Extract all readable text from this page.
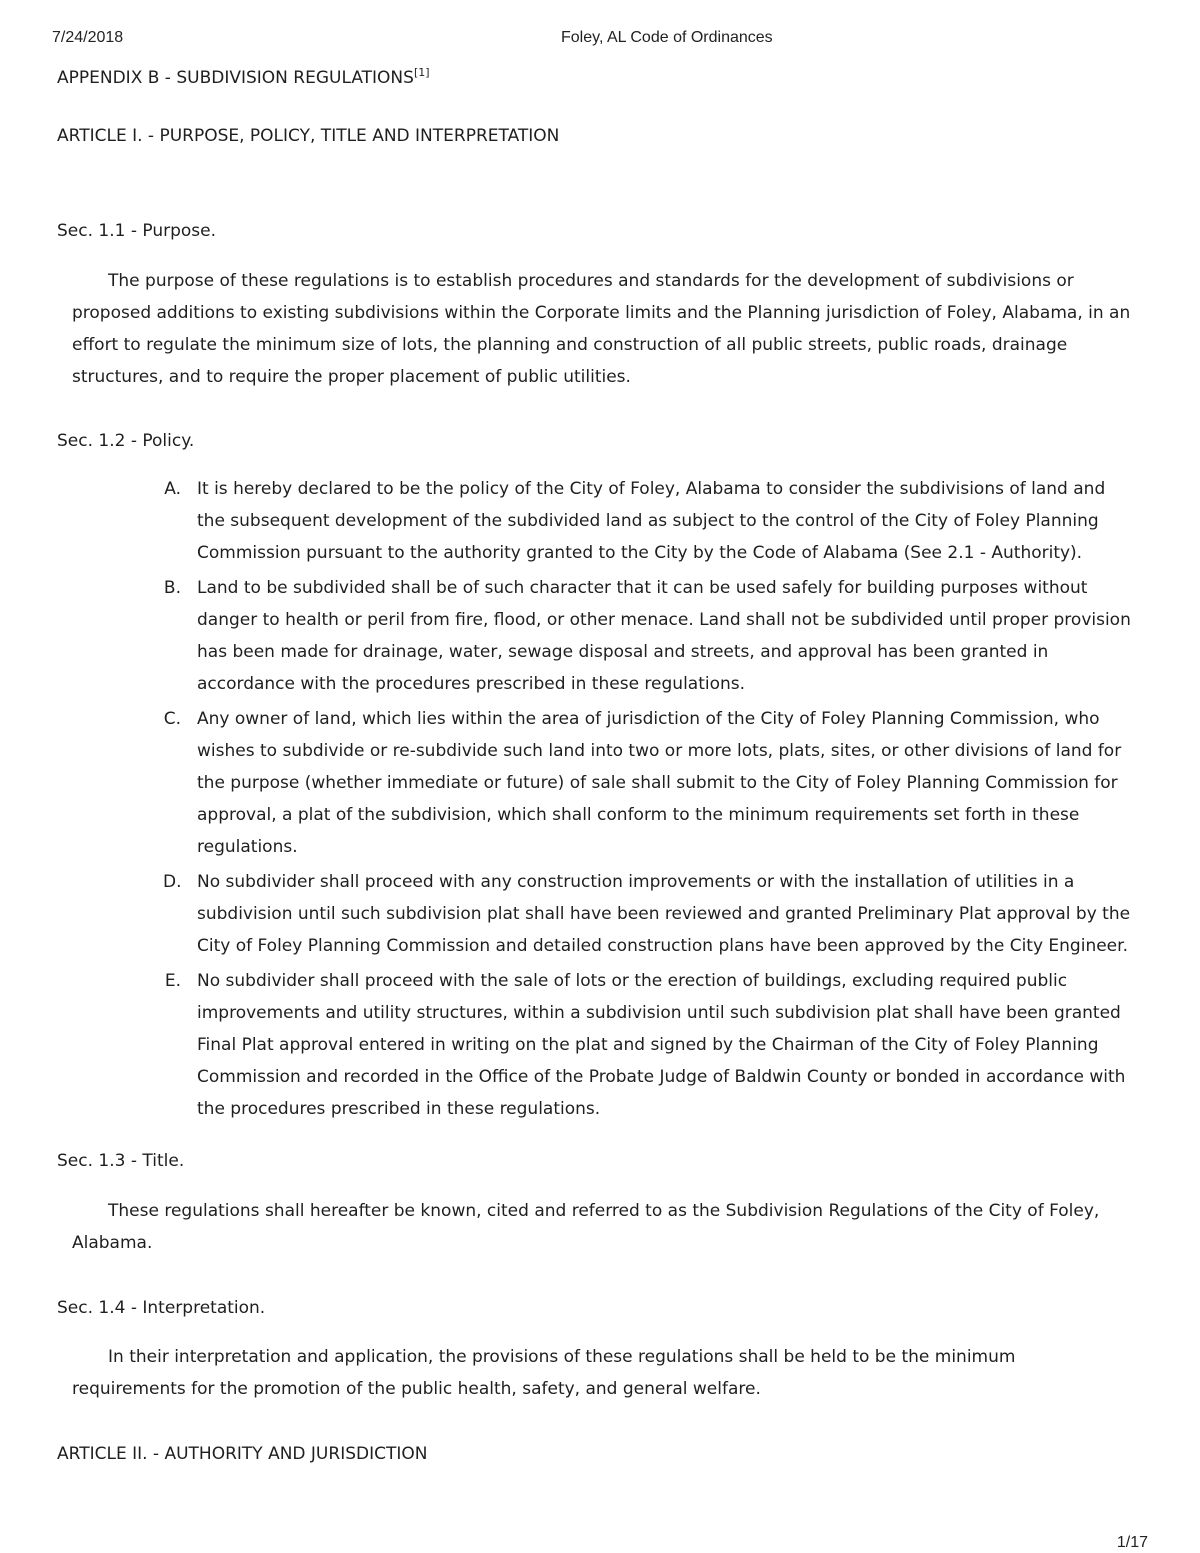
7/24/2018	Foley, AL Code of Ordinances
APPENDIX B - SUBDIVISION REGULATIONS[1]
ARTICLE I. - PURPOSE, POLICY, TITLE AND INTERPRETATION
Sec. 1.1 - Purpose.

The purpose of these regulations is to establish procedures and standards for the development of subdivisions or proposed additions to existing subdivisions within the Corporate limits and the Planning jurisdiction of Foley, Alabama, in an effort to regulate the minimum size of lots, the planning and construction of all public streets, public roads, drainage structures, and to require the proper placement of public utilities.

Sec. 1.2 - Policy.
A. It is hereby declared to be the policy of the City of Foley, Alabama to consider the subdivisions of land and the subsequent development of the subdivided land as subject to the control of the City of Foley Planning Commission pursuant to the authority granted to the City by the Code of Alabama (See 2.1 - Authority).
B. Land to be subdivided shall be of such character that it can be used safely for building purposes without danger to health or peril from fire, flood, or other menace. Land shall not be subdivided until proper provision has been made for drainage, water, sewage disposal and streets, and approval has been granted in accordance with the procedures prescribed in these regulations.
C. Any owner of land, which lies within the area of jurisdiction of the City of Foley Planning Commission, who wishes to subdivide or re-subdivide such land into two or more lots, plats, sites, or other divisions of land for the purpose (whether immediate or future) of sale shall submit to the City of Foley Planning Commission for approval, a plat of the subdivision, which shall conform to the minimum requirements set forth in these regulations.
D. No subdivider shall proceed with any construction improvements or with the installation of utilities in a subdivision until such subdivision plat shall have been reviewed and granted Preliminary Plat approval by the City of Foley Planning Commission and detailed construction plans have been approved by the City Engineer.
E. No subdivider shall proceed with the sale of lots or the erection of buildings, excluding required public improvements and utility structures, within a subdivision until such subdivision plat shall have been granted Final Plat approval entered in writing on the plat and signed by the Chairman of the City of Foley Planning Commission and recorded in the Office of the Probate Judge of Baldwin County or bonded in accordance with the procedures prescribed in these regulations.
Sec. 1.3 - Title.

These regulations shall hereafter be known, cited and referred to as the Subdivision Regulations of the City of Foley, Alabama.

Sec. 1.4 - Interpretation.

In their interpretation and application, the provisions of these regulations shall be held to be the minimum requirements for the promotion of the public health, safety, and general welfare.

ARTICLE II. - AUTHORITY AND JURISDICTION
1/17
